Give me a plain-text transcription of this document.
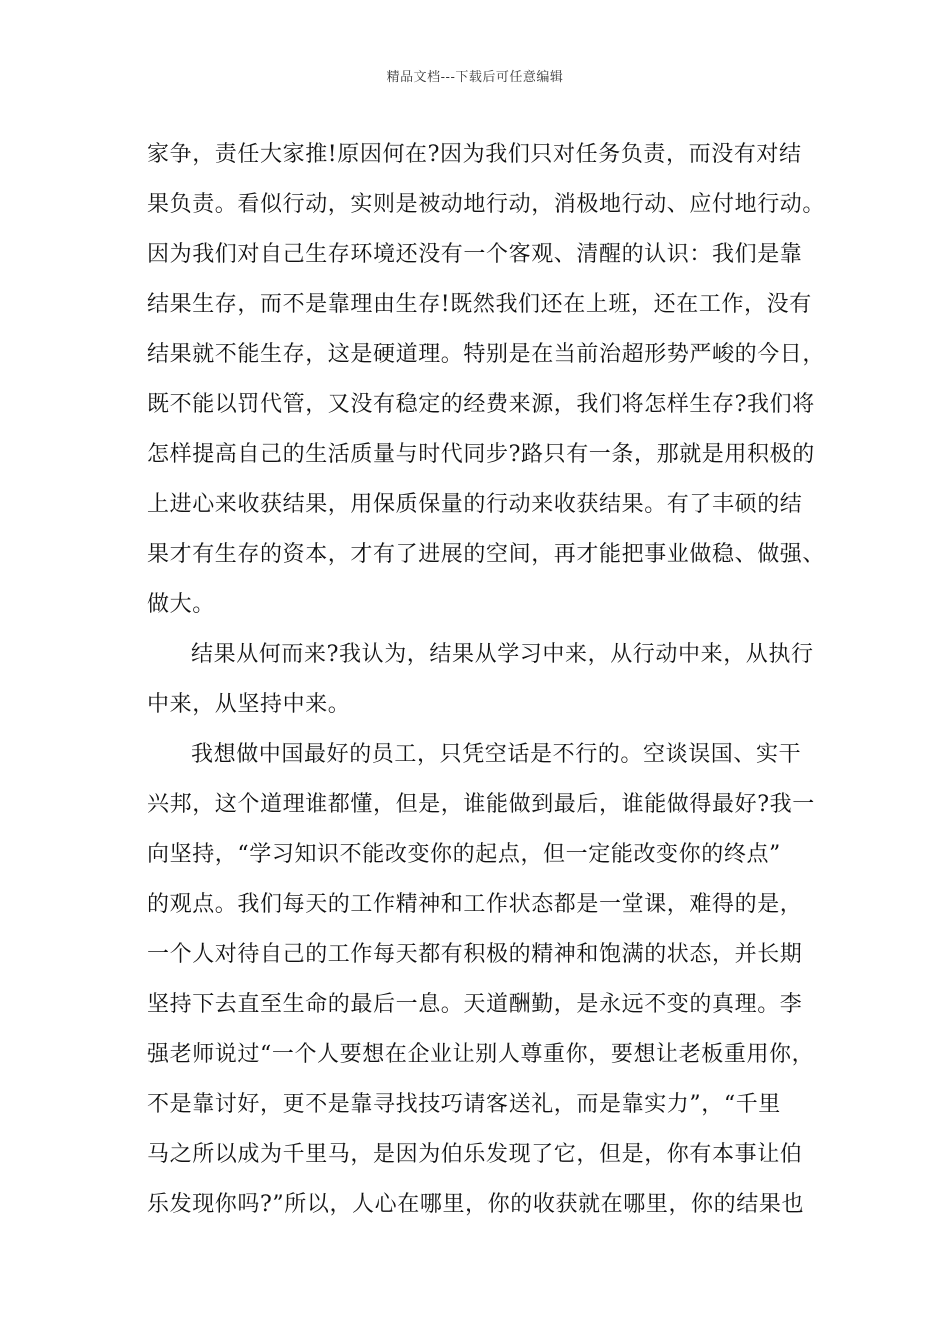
精品文档---下载后可任意编辑
家争，责任大家推!原因何在?因为我们只对任务负责，而没有对结
果负责。看似行动，实则是被动地行动，消极地行动、应付地行动。
因为我们对自己生存环境还没有一个客观、清醒的认识：我们是靠
结果生存，而不是靠理由生存!既然我们还在上班，还在工作，没有
结果就不能生存，这是硬道理。特别是在当前治超形势严峻的今日，
既不能以罚代管，又没有稳定的经费来源，我们将怎样生存?我们将
怎样提高自己的生活质量与时代同步?路只有一条，那就是用积极的
上进心来收获结果，用保质保量的行动来收获结果。有了丰硕的结
果才有生存的资本，才有了进展的空间，再才能把事业做稳、做强、
做大。
结果从何而来?我认为，结果从学习中来，从行动中来，从执行
中来，从坚持中来。
我想做中国最好的员工，只凭空话是不行的。空谈误国、实干
兴邦，这个道理谁都懂，但是，谁能做到最后，谁能做得最好?我一
向坚持，“学习知识不能改变你的起点，但一定能改变你的终点”
的观点。我们每天的工作精神和工作状态都是一堂课，难得的是，
一个人对待自己的工作每天都有积极的精神和饱满的状态，并长期
坚持下去直至生命的最后一息。天道酬勤，是永远不变的真理。李
强老师说过“一个人要想在企业让别人尊重你，要想让老板重用你，
不是靠讨好，更不是靠寻找技巧请客送礼，而是靠实力”，“千里
马之所以成为千里马，是因为伯乐发现了它，但是，你有本事让伯
乐发现你吗?”所以，人心在哪里，你的收获就在哪里，你的结果也
